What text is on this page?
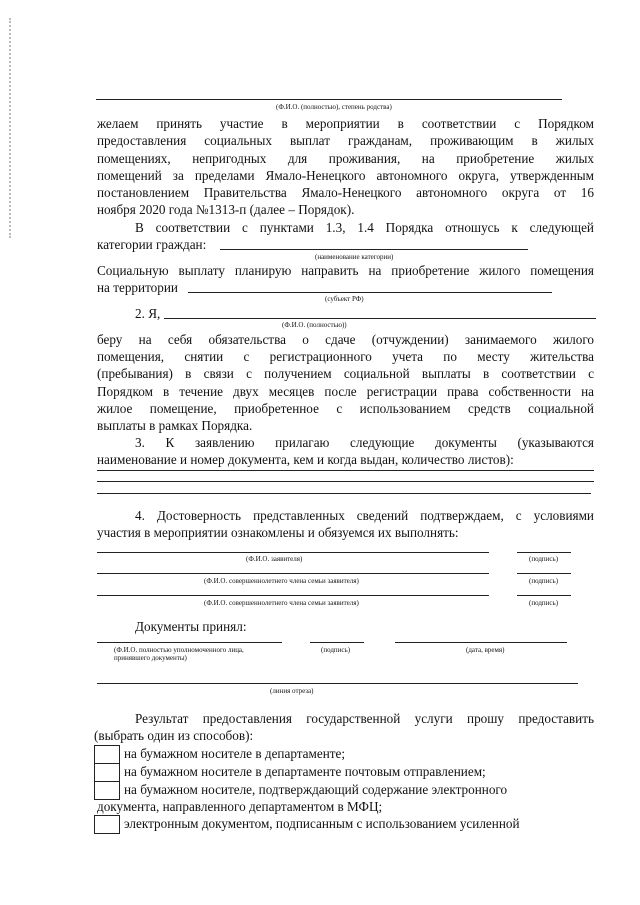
(Ф.И.О. (полностью), степень родства)
желаем принять участие в мероприятии в соответствии с Порядком
предоставления социальных выплат гражданам, проживающим в жилых
помещениях, непригодных для проживания, на приобретение жилых
помещений за пределами Ямало-Ненецкого автономного округа, утвержденным
постановлением Правительства Ямало-Ненецкого автономного округа от 16
ноября 2020 года №1313-п (далее – Порядок).
В соответствии с пунктами 1.3, 1.4 Порядка отношусь к следующей
категории граждан:
(наименование категории)
Социальную выплату планирую направить на приобретение жилого помещения
на территории
(субъект РФ)
2. Я,
(Ф.И.О. (полностью))
беру на себя обязательства о сдаче (отчуждении) занимаемого жилого
помещения, снятии с регистрационного учета по месту жительства
(пребывания) в связи с получением социальной выплаты в соответствии с
Порядком в течение двух месяцев после регистрации права собственности на
жилое помещение, приобретенное с использованием средств социальной
выплаты в рамках Порядка.
3. К заявлению прилагаю следующие документы (указываются
наименование и номер документа, кем и когда выдан, количество листов):
4. Достоверность представленных сведений подтверждаем, с условиями
участия в мероприятии ознакомлены и обязуемся их выполнять:
(Ф.И.О. заявителя)	(подпись)
(Ф.И.О. совершеннолетнего члена семьи заявителя)	(подпись)
(Ф.И.О. совершеннолетнего члена семьи заявителя)	(подпись)
Документы принял:
(Ф.И.О. полностью уполномоченного лица,
принявшего документы)
(подпись)	(дата, время)
(линия отреза)
Результат предоставления государственной услуги прошу предоставить
(выбрать один из способов):
на бумажном носителе в департаменте;
на бумажном носителе в департаменте почтовым отправлением;
на бумажном носителе, подтверждающий содержание электронного
документа, направленного департаментом в МФЦ;
электронным документом, подписанным с использованием усиленной
